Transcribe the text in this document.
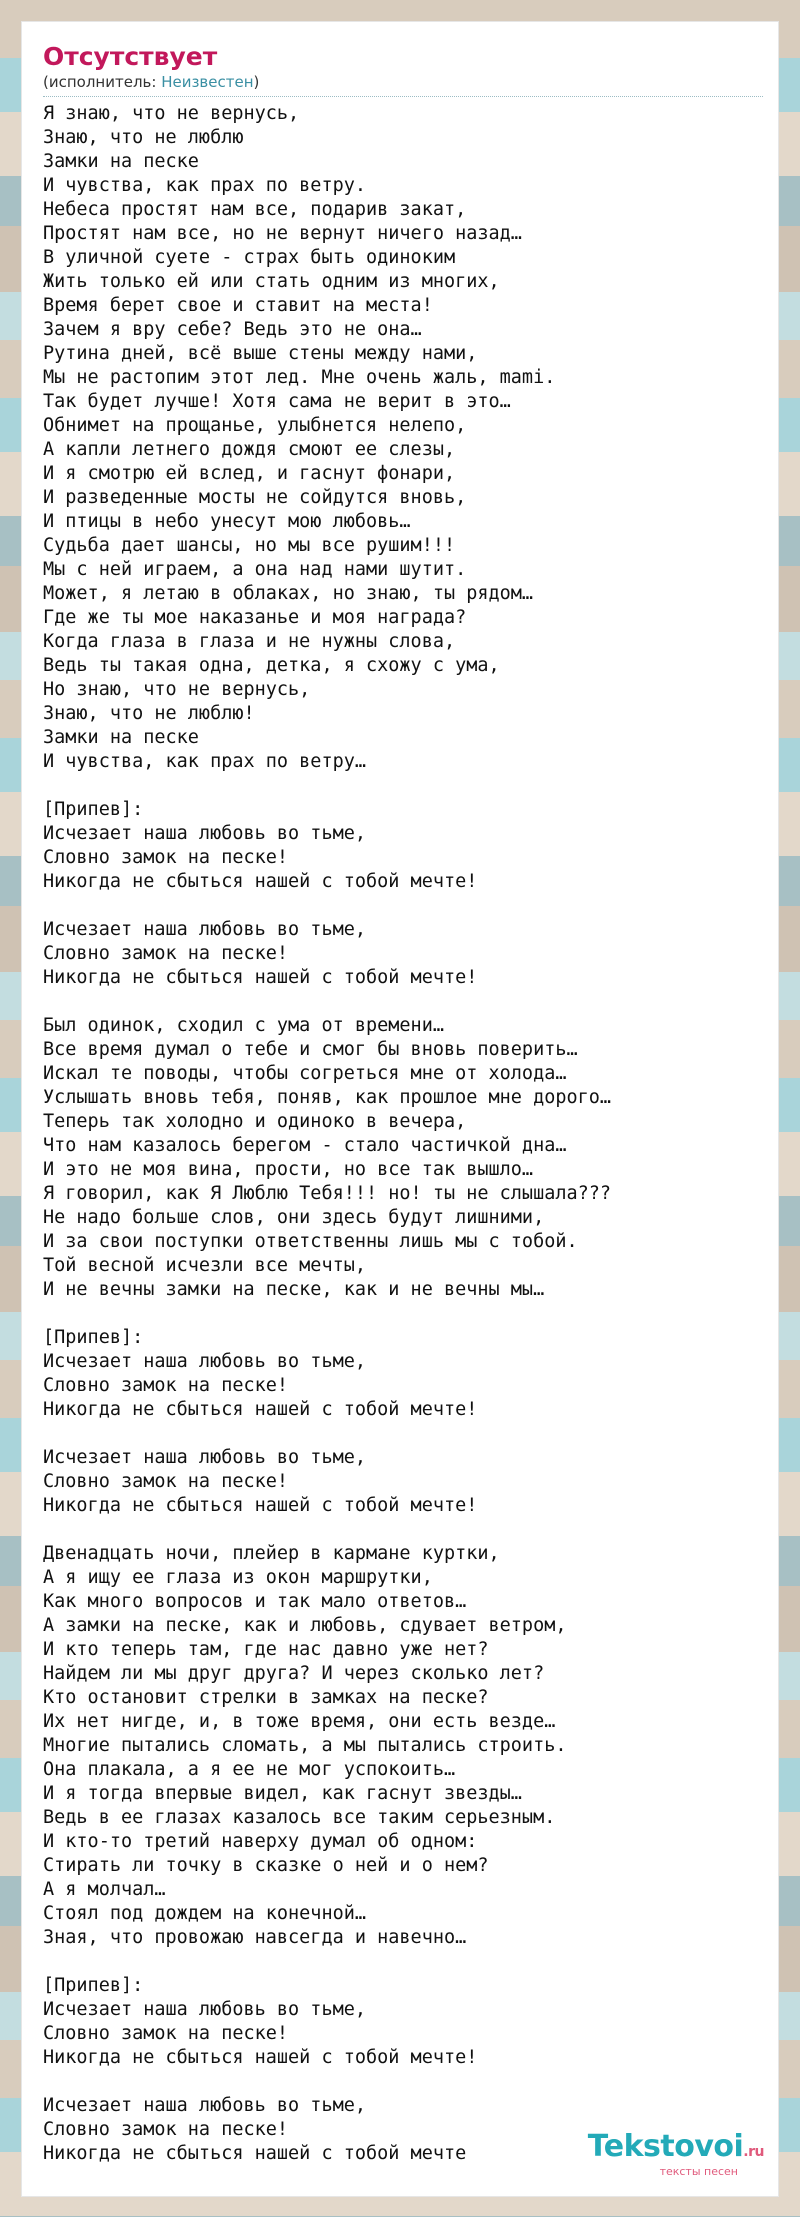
Отсутствует
(исполнитель: Неизвестен)
Я знаю, что не вернусь,
Знаю, что не люблю
Замки на песке
И чувства, как прах по ветру.
Небеса простят нам все, подарив закат,
Простят нам все, но не вернут ничего назад…
В уличной суете - страх быть одиноким
Жить только ей или стать одним из многих,
Время берет свое и ставит на места!
Зачем я вру себе? Ведь это не она…
Рутина дней, всё выше стены между нами,
Мы не растопим этот лед. Мне очень жаль, mami.
Так будет лучше! Хотя сама не верит в это…
Обнимет на прощанье, улыбнется нелепо,
А капли летнего дождя смоют ее слезы,
И я смотрю ей вслед, и гаснут фонари,
И разведенные мосты не сойдутся вновь,
И птицы в небо унесут мою любовь…
Судьба дает шансы, но мы все рушим!!!
Мы с ней играем, а она над нами шутит.
Может, я летаю в облаках, но знаю, ты рядом…
Где же ты мое наказанье и моя награда?
Когда глаза в глаза и не нужны слова,
Ведь ты такая одна, детка, я схожу с ума,
Но знаю, что не вернусь,
Знаю, что не люблю!
Замки на песке
И чувства, как прах по ветру…

[Припев]:
Исчезает наша любовь во тьме,
Словно замок на песке!
Никогда не сбыться нашей с тобой мечте!

Исчезает наша любовь во тьме,
Словно замок на песке!
Никогда не сбыться нашей с тобой мечте!

Был одинок, сходил с ума от времени…
Все время думал о тебе и смог бы вновь поверить…
Искал те поводы, чтобы согреться мне от холода…
Услышать вновь тебя, поняв, как прошлое мне дорого…
Теперь так холодно и одиноко в вечера,
Что нам казалось берегом - стало частичкой дна…
И это не моя вина, прости, но все так вышло…
Я говорил, как Я Люблю Тебя!!! но! ты не слышала???
Не надо больше слов, они здесь будут лишними,
И за свои поступки ответственны лишь мы с тобой.
Той весной исчезли все мечты,
И не вечны замки на песке, как и не вечны мы…

[Припев]:
Исчезает наша любовь во тьме,
Словно замок на песке!
Никогда не сбыться нашей с тобой мечте!

Исчезает наша любовь во тьме,
Словно замок на песке!
Никогда не сбыться нашей с тобой мечте!

Двенадцать ночи, плейер в кармане куртки,
А я ищу ее глаза из окон маршрутки,
Как много вопросов и так мало ответов…
А замки на песке, как и любовь, сдувает ветром,
И кто теперь там, где нас давно уже нет?
Найдем ли мы друг друга? И через сколько лет?
Кто остановит стрелки в замках на песке?
Их нет нигде, и, в тоже время, они есть везде…
Многие пытались сломать, а мы пытались строить.
Она плакала, а я ее не мог успокоить…
И я тогда впервые видел, как гаснут звезды…
Ведь в ее глазах казалось все таким серьезным.
И кто-то третий наверху думал об одном:
Стирать ли точку в сказке о ней и о нем?
А я молчал…
Стоял под дождем на конечной…
Зная, что провожаю навсегда и навечно…

[Припев]:
Исчезает наша любовь во тьме,
Словно замок на песке!
Никогда не сбыться нашей с тобой мечте!

Исчезает наша любовь во тьме,
Словно замок на песке!
Никогда не сбыться нашей с тобой мечте	Tekstovoi.ru
тексты песен
